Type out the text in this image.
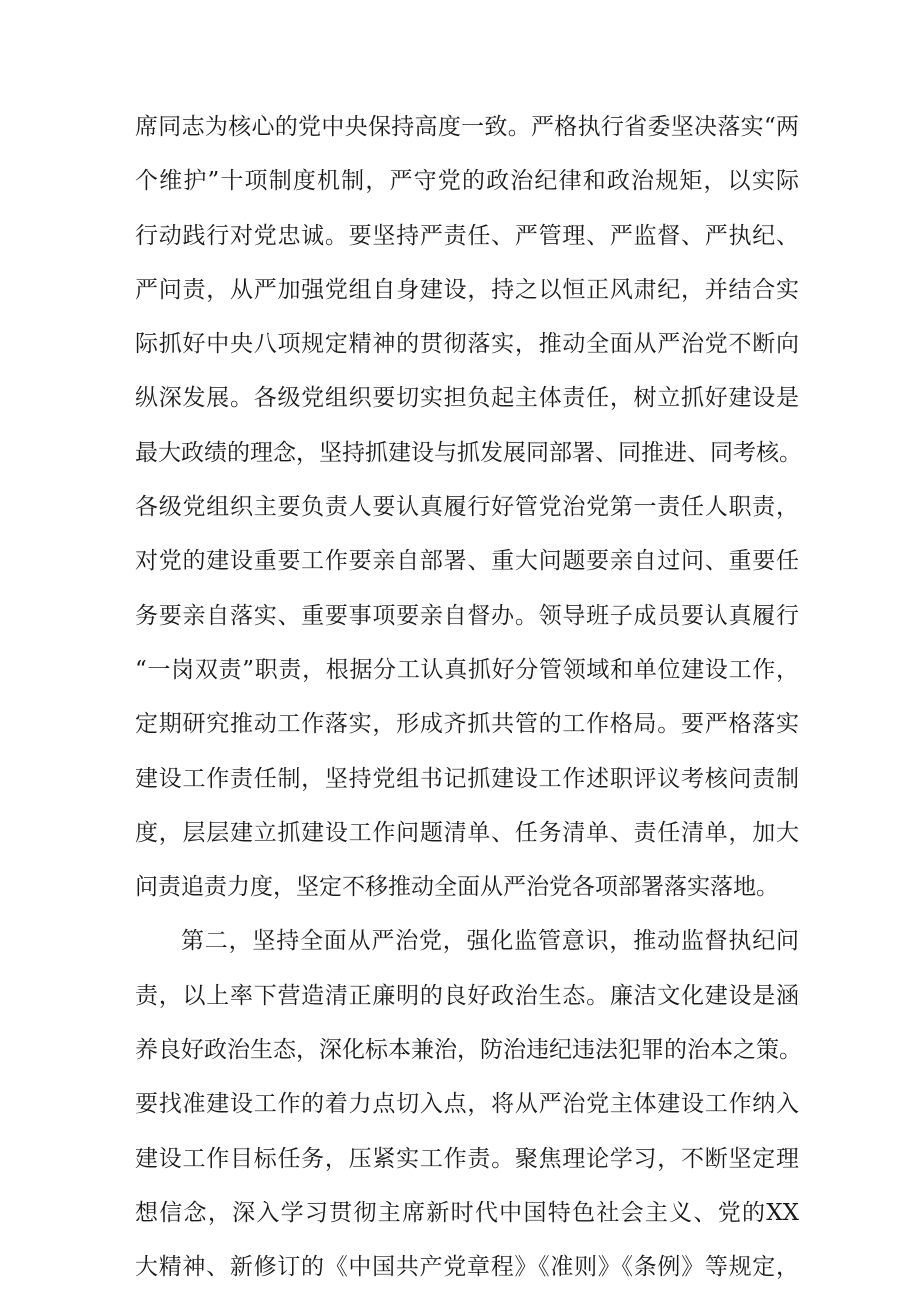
席同志为核心的党中央保持高度一致。严格执行省委坚决落实“两
个维护”十项制度机制，严守党的政治纪律和政治规矩，以实际
行动践行对党忠诚。要坚持严责任、严管理、严监督、严执纪、
严问责，从严加强党组自身建设，持之以恒正风肃纪，并结合实
际抓好中央八项规定精神的贯彻落实，推动全面从严治党不断向
纵深发展。各级党组织要切实担负起主体责任，树立抓好建设是
最大政绩的理念，坚持抓建设与抓发展同部署、同推进、同考核。
各级党组织主要负责人要认真履行好管党治党第一责任人职责，
对党的建设重要工作要亲自部署、重大问题要亲自过问、重要任
务要亲自落实、重要事项要亲自督办。领导班子成员要认真履行
“一岗双责”职责，根据分工认真抓好分管领域和单位建设工作，
定期研究推动工作落实，形成齐抓共管的工作格局。要严格落实
建设工作责任制，坚持党组书记抓建设工作述职评议考核问责制
度，层层建立抓建设工作问题清单、任务清单、责任清单，加大
问责追责力度，坚定不移推动全面从严治党各项部署落实落地。
第二，坚持全面从严治党，强化监管意识，推动监督执纪问
责，以上率下营造清正廉明的良好政治生态。廉洁文化建设是涵
养良好政治生态，深化标本兼治，防治违纪违法犯罪的治本之策。
要找准建设工作的着力点切入点，将从严治党主体建设工作纳入
建设工作目标任务，压紧实工作责。聚焦理论学习，不断坚定理
想信念，深入学习贯彻主席新时代中国特色社会主义、党的XX
大精神、新修订的《中国共产党章程》《准则》《条例》等规定，
